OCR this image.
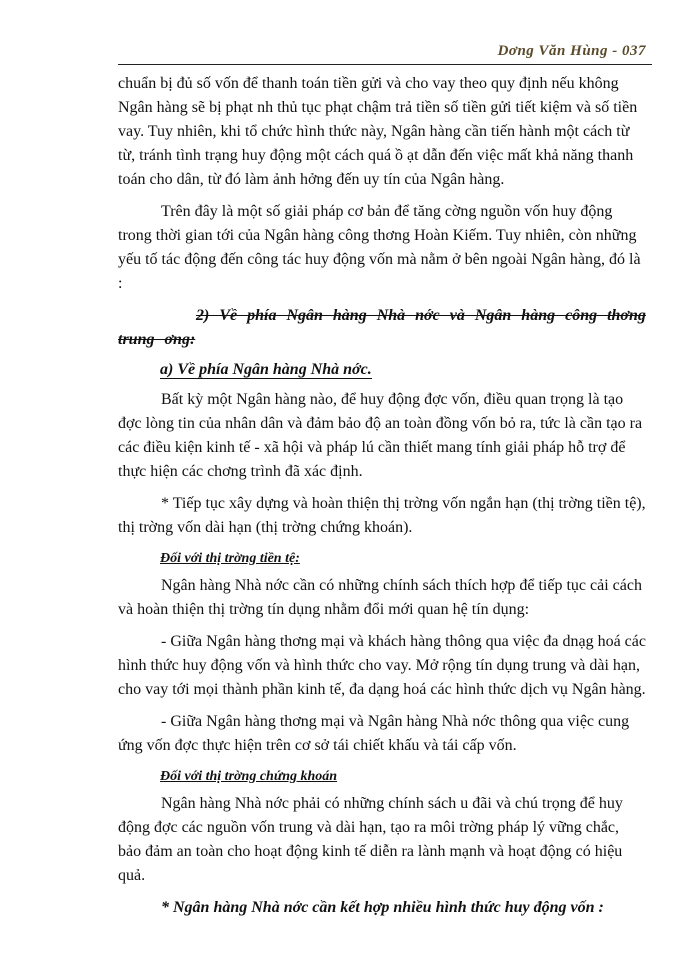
Dơng Văn Hùng - 037

chuẩn bị đủ số vốn để thanh toán tiền gửi và cho vay theo quy định nếu không Ngân hàng sẽ bị phạt nh thủ tục phạt chậm trả tiền số tiền gửi tiết kiệm và số tiền vay. Tuy nhiên, khi tổ chức hình thức này, Ngân hàng cần tiến hành một cách từ từ, tránh tình trạng huy động một cách quá ồ ạt dẫn đến việc mất khả năng thanh toán cho dân, từ đó làm ảnh hởng đến uy tín của Ngân hàng.

Trên đây là một số giải pháp cơ bản để tăng cờng nguồn vốn huy động trong thời gian tới của Ngân hàng công thơng Hoàn Kiếm. Tuy nhiên, còn những yếu tố tác động đến công tác huy động vốn mà nằm ở bên ngoài Ngân hàng, đó là :

2) Về phía Ngân hàng Nhà nớc và Ngân hàng công thơng trung ơng:

a) Về phía Ngân hàng Nhà nớc.

Bất kỳ một Ngân hàng nào, để huy động đợc vốn, điều quan trọng là tạo đợc lòng tin của nhân dân và đảm bảo độ an toàn đồng vốn bỏ ra, tức là cần tạo ra các điều kiện kinh tế - xã hội và pháp lú cần thiết mang tính giải pháp hỗ trợ để thực hiện các chơng trình đã xác định.

* Tiếp tục xây dựng và hoàn thiện thị trờng vốn ngắn hạn (thị trờng tiền tệ), thị trờng vốn dài hạn (thị trờng chứng khoán).

Đối với thị trờng tiền tệ:

Ngân hàng Nhà nớc cần có những chính sách thích hợp để tiếp tục cải cách và hoàn thiện thị trờng tín dụng nhằm đổi mới quan hệ tín dụng:

- Giữa Ngân hàng thơng mại và khách hàng thông qua việc đa dnạg hoá các hình thức huy động vốn và hình thức cho vay. Mở rộng tín dụng trung và dài hạn, cho vay tới mọi thành phần kinh tế, đa dạng hoá các hình thức dịch vụ Ngân hàng.

- Giữa Ngân hàng thơng mại và Ngân hàng Nhà nớc thông qua việc cung ứng vốn đợc thực hiện trên cơ sở tái chiết khấu và tái cấp vốn.

Đối với thị trờng chứng khoán

Ngân hàng Nhà nớc phải có những chính sách u đãi và chú trọng để huy động đợc các nguồn vốn trung và dài hạn, tạo ra môi trờng pháp lý vững chắc, bảo đảm an toàn cho hoạt động kinh tế diễn ra lành mạnh và hoạt động có hiệu quả.

* Ngân hàng Nhà nớc cần kết hợp nhiều hình thức huy động vốn :
